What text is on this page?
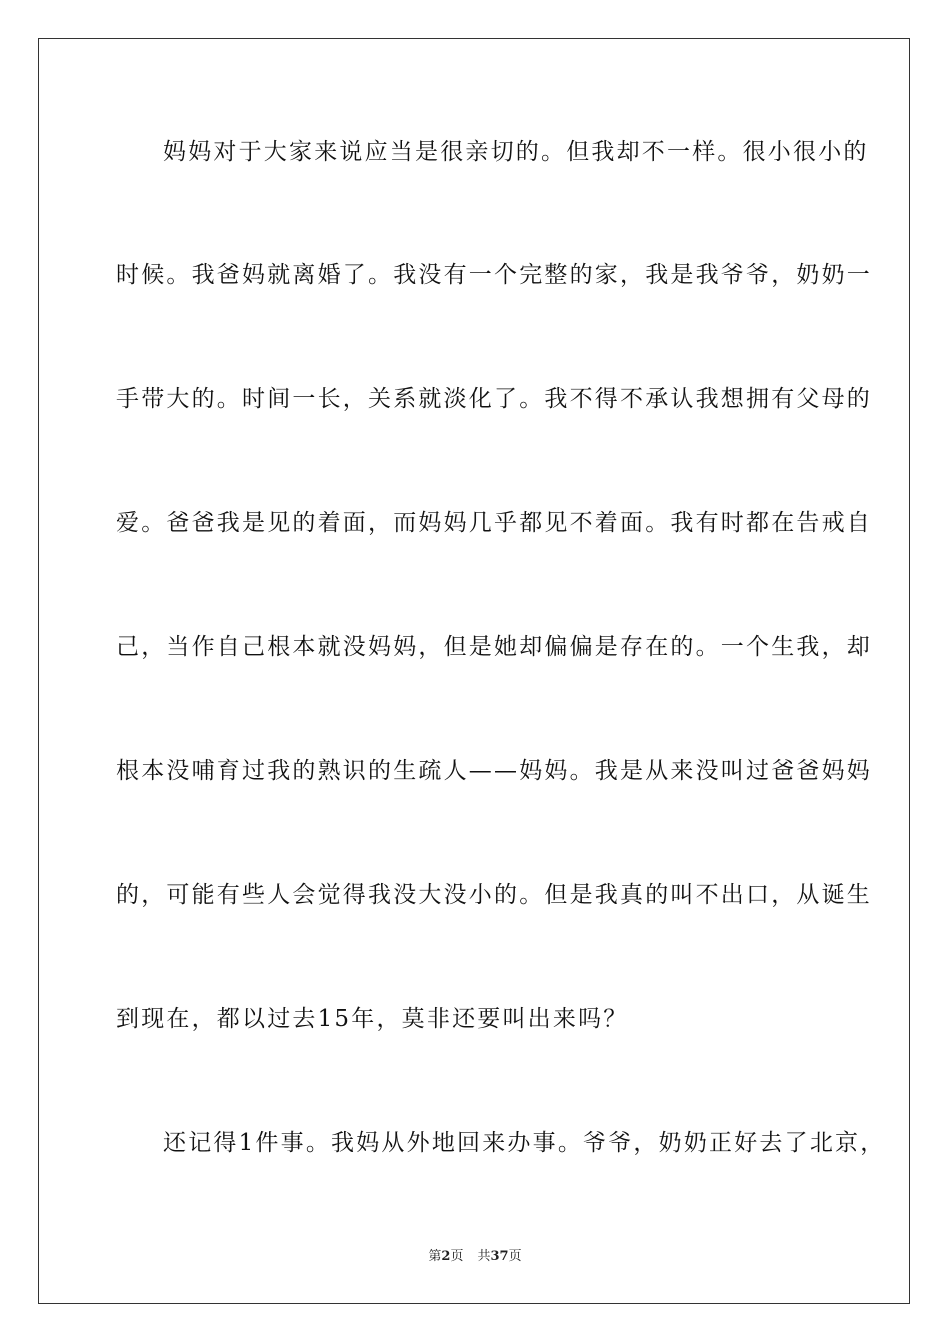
妈妈对于大家来说应当是很亲切的。但我却不一样。很小很小的

时候。我爸妈就离婚了。我没有一个完整的家，我是我爷爷，奶奶一

手带大的。时间一长，关系就淡化了。我不得不承认我想拥有父母的

爱。爸爸我是见的着面，而妈妈几乎都见不着面。我有时都在告戒自

己，当作自己根本就没妈妈，但是她却偏偏是存在的。一个生我，却

根本没哺育过我的熟识的生疏人——妈妈。我是从来没叫过爸爸妈妈

的，可能有些人会觉得我没大没小的。但是我真的叫不出口，从诞生

到现在，都以过去15年，莫非还要叫出来吗？

还记得1件事。我妈从外地回来办事。爷爷，奶奶正好去了北京，

第2页 共37页
